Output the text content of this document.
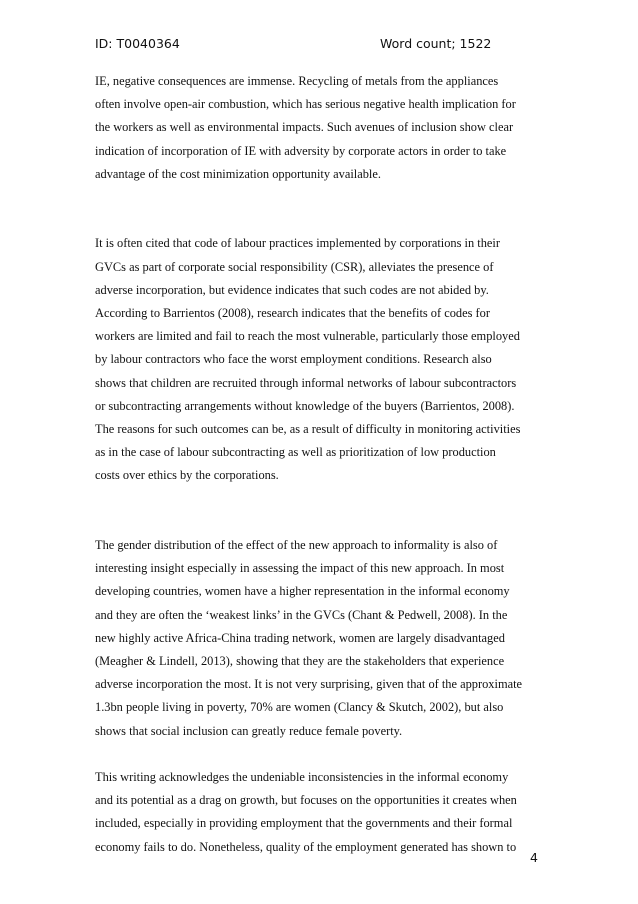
ID: T0040364	Word count; 1522

IE, negative consequences are immense. Recycling of metals from the appliances
often involve open-air combustion, which has serious negative health implication for
the workers as well as environmental impacts. Such avenues of inclusion show clear
indication of incorporation of IE with adversity by corporate actors in order to take
advantage of the cost minimization opportunity available.

It is often cited that code of labour practices implemented by corporations in their
GVCs as part of corporate social responsibility (CSR), alleviates the presence of
adverse incorporation, but evidence indicates that such codes are not abided by.
According to Barrientos (2008), research indicates that the benefits of codes for
workers are limited and fail to reach the most vulnerable, particularly those employed
by labour contractors who face the worst employment conditions. Research also
shows that children are recruited through informal networks of labour subcontractors
or subcontracting arrangements without knowledge of the buyers (Barrientos, 2008).
The reasons for such outcomes can be, as a result of difficulty in monitoring activities
as in the case of labour subcontracting as well as prioritization of low production
costs over ethics by the corporations.

The gender distribution of the effect of the new approach to informality is also of
interesting insight especially in assessing the impact of this new approach. In most
developing countries, women have a higher representation in the informal economy
and they are often the ‘weakest links’ in the GVCs (Chant & Pedwell, 2008). In the
new highly active Africa-China trading network, women are largely disadvantaged
(Meagher & Lindell, 2013), showing that they are the stakeholders that experience
adverse incorporation the most. It is not very surprising, given that of the approximate
1.3bn people living in poverty, 70% are women (Clancy & Skutch, 2002), but also
shows that social inclusion can greatly reduce female poverty.

This writing acknowledges the undeniable inconsistencies in the informal economy
and its potential as a drag on growth, but focuses on the opportunities it creates when
included, especially in providing employment that the governments and their formal
economy fails to do. Nonetheless, quality of the employment generated has shown to

4
